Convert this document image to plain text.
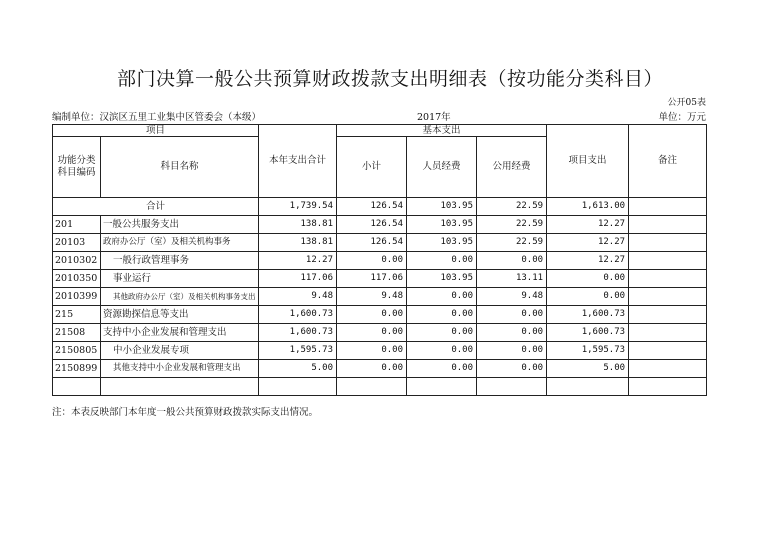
部门决算一般公共预算财政拨款支出明细表（按功能分类科目）
公开05表
编制单位：汉滨区五里工业集中区管委会（本级）	2017年	单位：万元
项目		本年支出合计	基本支出			项目支出	备注
功能分类科目编码	科目名称		小计	人员经费	公用经费		
合计		1,739.54	126.54	103.95	22.59	1,613.00	
201	一般公共服务支出	138.81	126.54	103.95	22.59	12.27	
20103	政府办公厅（室）及相关机构事务	138.81	126.54	103.95	22.59	12.27	
2010302	一般行政管理事务	12.27	0.00	0.00	0.00	12.27	
2010350	事业运行	117.06	117.06	103.95	13.11	0.00	
2010399	其他政府办公厅（室）及相关机构事务支出	9.48	9.48	0.00	9.48	0.00	
215	资源勘探信息等支出	1,600.73	0.00	0.00	0.00	1,600.73	
21508	支持中小企业发展和管理支出	1,600.73	0.00	0.00	0.00	1,600.73	
2150805	中小企业发展专项	1,595.73	0.00	0.00	0.00	1,595.73	
2150899	其他支持中小企业发展和管理支出	5.00	0.00	0.00	0.00	5.00	

注：本表反映部门本年度一般公共预算财政拨款实际支出情况。
